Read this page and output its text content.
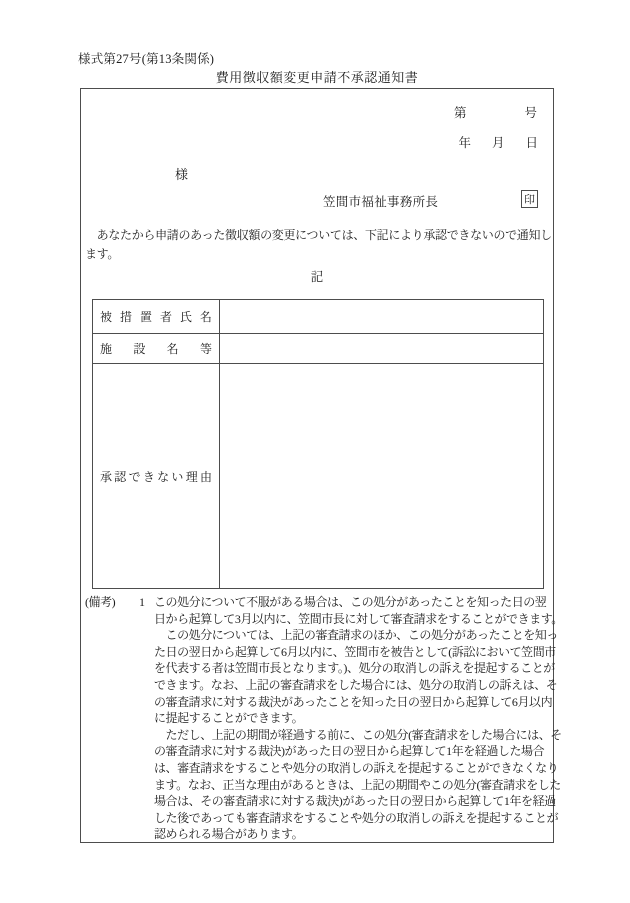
様式第27号(第13条関係)
費用徴収額変更申請不承認通知書
第	号
年 月 日
様
笠間市福祉事務所長	印
　あなたから申請のあった徴収額の変更については、下記により承認できないので通知し
ます。
記
被 措 置 者 氏 名
施 設 名 等
承 認 で き な い 理 由
(備考) 1 この処分について不服がある場合は、この処分があったことを知った日の翌
日から起算して3月以内に、笠間市長に対して審査請求をすることができます。
　この処分については、上記の審査請求のほか、この処分があったことを知っ
た日の翌日から起算して6月以内に、笠間市を被告として(訴訟において笠間市
を代表する者は笠間市長となります。)、処分の取消しの訴えを提起することが
できます。なお、上記の審査請求をした場合には、処分の取消しの訴えは、そ
の審査請求に対する裁決があったことを知った日の翌日から起算して6月以内
に提起することができます。
　ただし、上記の期間が経過する前に、この処分(審査請求をした場合には、そ
の審査請求に対する裁決)があった日の翌日から起算して1年を経過した場合
は、審査請求をすることや処分の取消しの訴えを提起することができなくなり
ます。なお、正当な理由があるときは、上記の期間やこの処分(審査請求をした
場合は、その審査請求に対する裁決)があった日の翌日から起算して1年を経過
した後であっても審査請求をすることや処分の取消しの訴えを提起することが
認められる場合があります。
